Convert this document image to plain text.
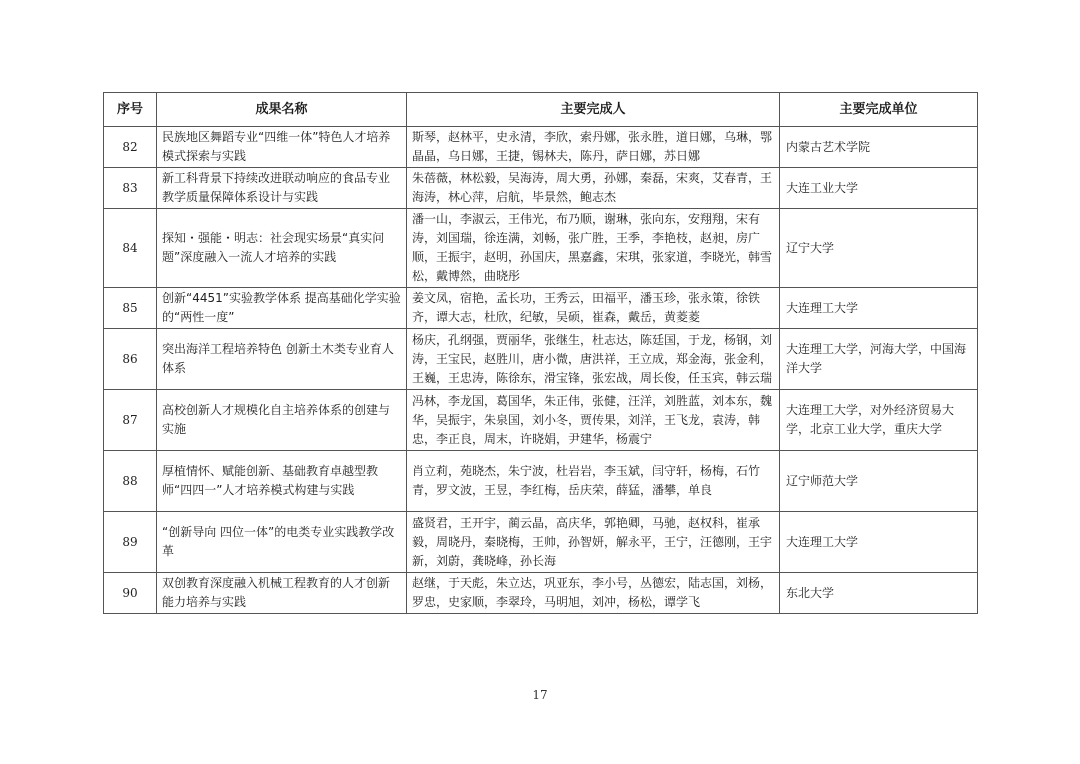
序号	成果名称	主要完成人	主要完成单位
82	民族地区舞蹈专业“四维一体”特色人才培养模式探索与实践	斯琴，赵林平，史永清，李欣，索丹娜，张永胜，道日娜，乌琳，鄂晶晶，乌日娜，王捷，锡林夫，陈丹，萨日娜，苏日娜	内蒙古艺术学院
83	新工科背景下持续改进联动响应的食品专业教学质量保障体系设计与实践	朱蓓薇，林松毅，吴海涛，周大勇，孙娜，秦磊，宋爽，艾春青，王海涛，林心萍，启航，毕景然，鲍志杰	大连工业大学
84	探知・强能・明志：社会现实场景“真实问题”深度融入一流人才培养的实践	潘一山，李淑云，王伟光，布乃顺，谢琳，张向东，安翔翔，宋有涛，刘国瑞，徐连满，刘畅，张广胜，王季，李艳枝，赵昶，房广顺，王振宇，赵明，孙国庆，黑嘉鑫，宋琪，张家道，李晓光，韩雪松，戴博然，曲晓彤	辽宁大学
85	创新“4451”实验教学体系 提高基础化学实验的“两性一度”	姜文凤，宿艳，孟长功，王秀云，田福平，潘玉珍，张永策，徐铁齐，谭大志，杜欣，纪敏，吴硕，崔森，戴岳，黄菱菱	大连理工大学
86	突出海洋工程培养特色 创新土木类专业育人体系	杨庆，孔纲强，贾丽华，张继生，杜志达，陈廷国，于龙，杨钢，刘涛，王宝民，赵胜川，唐小微，唐洪祥，王立成，郑金海，张金利，王巍，王忠涛，陈徐东，滑宝锋，张宏战，周长俊，任玉宾，韩云瑞	大连理工大学，河海大学，中国海洋大学
87	高校创新人才规模化自主培养体系的创建与实施	冯林，李龙国，葛国华，朱正伟，张健，汪洋，刘胜蓝，刘本东，魏华，吴振宇，朱泉国，刘小冬，贾传果，刘洋，王飞龙，袁涛，韩忠，李正良，周末，许晓娟，尹建华，杨震宁	大连理工大学，对外经济贸易大学，北京工业大学，重庆大学
88	厚植情怀、赋能创新、基础教育卓越型教师“四四一”人才培养模式构建与实践	肖立莉，苑晓杰，朱宁波，杜岩岩，李玉斌，闫守轩，杨梅，石竹青，罗文波，王昱，李红梅，岳庆荣，薛猛，潘攀，单良	辽宁师范大学
89	“创新导向 四位一体”的电类专业实践教学改革	盛贤君，王开宇，蔺云晶，高庆华，郭艳卿，马驰，赵权科，崔承毅，周晓丹，秦晓梅，王帅，孙智妍，解永平，王宁，汪德刚，王宇新，刘蔚，龚晓峰，孙长海	大连理工大学
90	双创教育深度融入机械工程教育的人才创新能力培养与实践	赵继，于天彪，朱立达，巩亚东，李小号，丛德宏，陆志国，刘杨，罗忠，史家顺，李翠玲，马明旭，刘冲，杨松，谭学飞	东北大学
17
